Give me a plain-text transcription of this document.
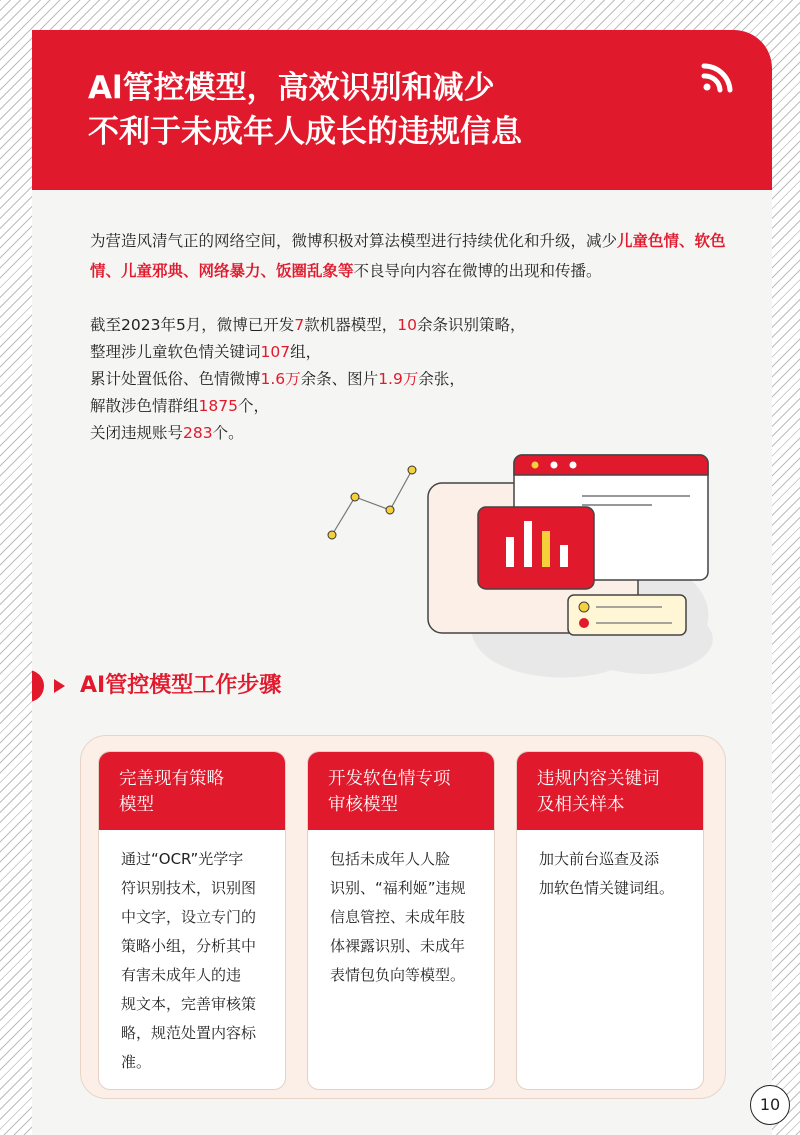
Al管控模型，高效识别和减少
不利于未成年人成长的违规信息
为营造风清气正的网络空间，微博积极对算法模型进行持续优化和升级，减少儿童色情、软色情、儿童邪典、网络暴力、饭圈乱象等不良导向内容在微博的出现和传播。
截至2023年5月，微博已开发7款机器模型，10余条识别策略，
整理涉儿童软色情关键词107组，
累计处置低俗、色情微博1.6万余条、图片1.9万余张，
解散涉色情群组1875个，
关闭违规账号283个。
AI管控模型工作步骤
完善现有策略
模型
通过“OCR”光学字
符识别技术，识别图
中文字，设立专门的
策略小组，分析其中
有害未成年人的违
规文本，完善审核策
略，规范处置内容标
准。
开发软色情专项
审核模型
包括未成年人人脸
识别、“福利姬”违规
信息管控、未成年肢
体裸露识别、未成年
表情包负向等模型。
违规内容关键词
及相关样本
加大前台巡查及添
加软色情关键词组。
10
